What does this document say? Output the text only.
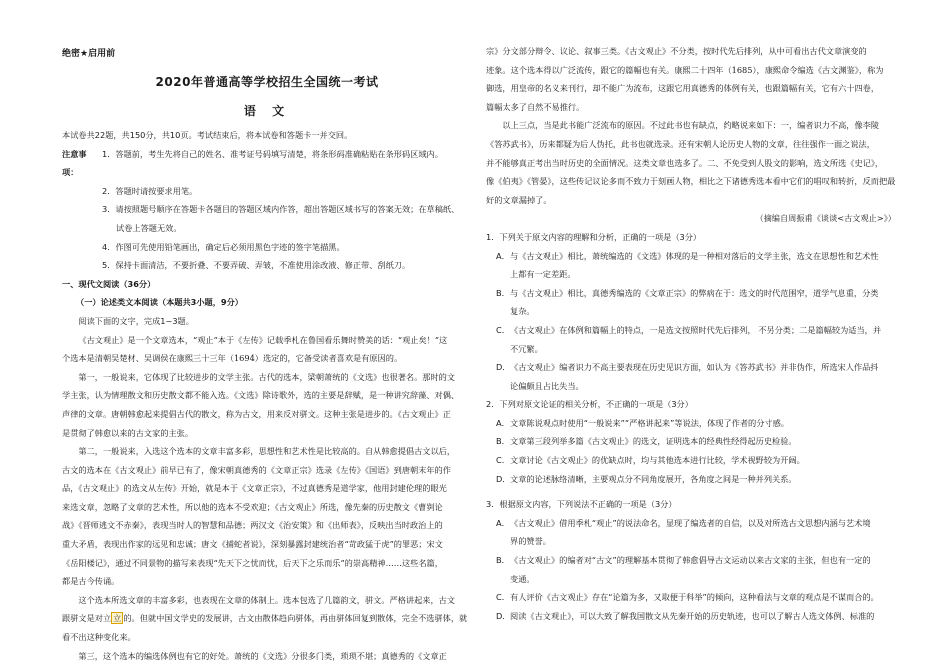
绝密★启用前

2020年普通高等学校招生全国统一考试

语 文

本试卷共22题，共150分，共10页。考试结束后，将本试卷和答题卡一并交回。

注意事项：
1．答题前，考生先将自己的姓名、准考证号码填写清楚，将条形码准确粘贴在条形码区域内。

2．答题时请按要求用笔。

3．请按照题号顺序在答题卡各题目的答题区域内作答，超出答题区域书写的答案无效；在草稿纸、

试卷上答题无效。

4．作图可先使用铅笔画出，确定后必须用黑色字迹的签字笔描黑。

5．保持卡面清洁，不要折叠、不要弄破、弄皱，不准使用涂改液、修正带、刮纸刀。

一、现代文阅读（36分）

（一）论述类文本阅读（本题共3小题，9分）

阅读下面的文字，完成1~3题。

《古文观止》是一个文章选本，“观止”本于《左传》记载季札在鲁国看乐舞时赞美的话：“观止矣！”这

个选本是清朝吴楚材、吴调侯在康熙三十三年（1694）选定的，它备受读者喜欢是有原因的。

第一，一般说来，它体现了比较进步的文学主张。古代的选本，梁朝萧统的《文选》也很著名。那时的文

学主张，认为情理散文和历史散文都不能入选。《文选》除诗歌外，选的主要是辞赋，是一种讲究辞藻、对偶、

声律的文章。唐朝韩愈起来提倡古代的散文，称为古文，用来反对骈文。这种主张是进步的。《古文观止》正

是贯彻了韩愈以来的古文家的主张。

第二，一般说来，入选这个选本的文章丰富多彩，思想性和艺术性是比较高的。自从韩愈提倡古文以后，

古文的选本在《古文观止》前早已有了，像宋朝真德秀的《文章正宗》选录《左传》《国语》到唐朝末年的作

品，《古文观止》的选文从左传》开始，就是本于《文章正宗》，不过真德秀是道学家，他用封建伦理的眼光

来选文章，忽略了文章的艺术性，所以他的选本不受欢迎；《古文观止》所选，像先秦的历史散文《曹刿论

战》《晋师逃文不赤秦》，表现当时人的智慧和品德；两汉文《治安策》和《出师表》，反映出当时政治上的

重大矛盾，表现出作家的远见和忠诚；唐文《捕蛇者说》，深刻暴露封建统治者“苛政猛于虎”的罪恶；宋文

《岳阳楼记》，通过不同景物的描写来表现“先天下之忧而忧，后天下之乐而乐”的崇高精神……这些名篇，

都是古今传诵。

这个选本所选文章的丰富多彩，也表现在文章的体制上。选本包选了几篇韵文，骈文。严格讲起来，古文

跟骈文是对立 立 的。但就中国文学史的发展讲，古文由散体趋向骈体，再由骈体回复到散体，完全不选骈体，就

看不出这种变化来。

第三，这个选本的编选体例也有它的好处。萧统的《文选》分很多门类，琐琐不堪；真德秀的《文章正

宗》分文部分辩令、议论、叙事三类。《古文观止》不分类，按时代先后排列，从中可看出古代文章演变的

迹象。这个选本得以广泛流传，跟它的篇幅也有关。康熙二十四年（1685），康熙命令编选《古文渊鉴》，称为

御选，用皇帝的名义来刊行，却不能广为流布，这跟它用真德秀的体例有关，也跟篇幅有关，它有六十四卷，

篇幅太多了自然不易推行。

以上三点，当是此书能广泛流布的原因。不过此书也有缺点，约略说来如下：一，编者识力不高，像李陵

《答苏武书》，历来都疑为后人伪托，此书也就选录。还有宋朝人论历史人物的文章，往往强作一面之说法，

并不能够真正考出当时历史的全面情况。这类文章也选多了。二、不免受到人股文的影响，选文所选《史记》，

像《伯夷》《管晏》，这些传记议论多而不致力于刻画人物，相比之下诸德秀选本看中它们的唱叹和转折，反而把最

好的文章漏掉了。

（摘编自周振甫《谈谈<古文观止>》）

1．下列关于原文内容的理解和分析，正确的一项是（3分）

A． 与《古文观止》相比，萧统编选的《文选》体现的是一种相对落后的文学主张，选文在思想性和艺术性

上都有一定差距。

B． 与《古文观止》相比，真德秀编选的《文章正宗》的弊病在于：选文的时代范围窄，道学气息重，分类

复杂。

C． 《古文观止》在体例和篇幅上的特点，一是选文按照时代先后排列， 不另分类；二是篇幅较为适当，并

不冗繁。

D． 《古文观止》编者识力不高主要表现在历史见识方面，如认为《答苏武书》并非伪作，所选宋人作品抖

论偏颇且占比失当。

2．下列对原文论证的相关分析，不正确的一项是（3分）

A． 文章陈说观点时使用“一般说来”“严格讲起来”等说法，体现了作者的分寸感。

B． 文章第三段列举多篇《古文观止》的选文，证明选本的经典性经得起历史检验。

C． 文章讨论《古文观止》的优缺点时，均与其他选本进行比较，学术视野较为开阔。

D． 文章的论述脉络清晰，主要观点分不同角度展开，各角度之间是一种并列关系。

3．根据原文内容，下列说法不正确的一项是（3分）

A． 《古文观止》借用季札“观止”的说法命名，显现了编选者的自信，以及对所选古文思想内涵与艺术境

界的赞誉。

B． 《古文观止》的编者对“古文”的理解基本贯彻了韩愈倡导古文运动以来古文家的主张，但也有一定的

变通。

C． 有人评价《古文观止》存在“论篇为多，又取便于科举”的倾向，这种看法与文章的观点是不谋而合的。

D． 阅读《古文观止》，可以大致了解我国散文从先秦开始的历史轨迹，也可以了解古人选文体例、标准的
